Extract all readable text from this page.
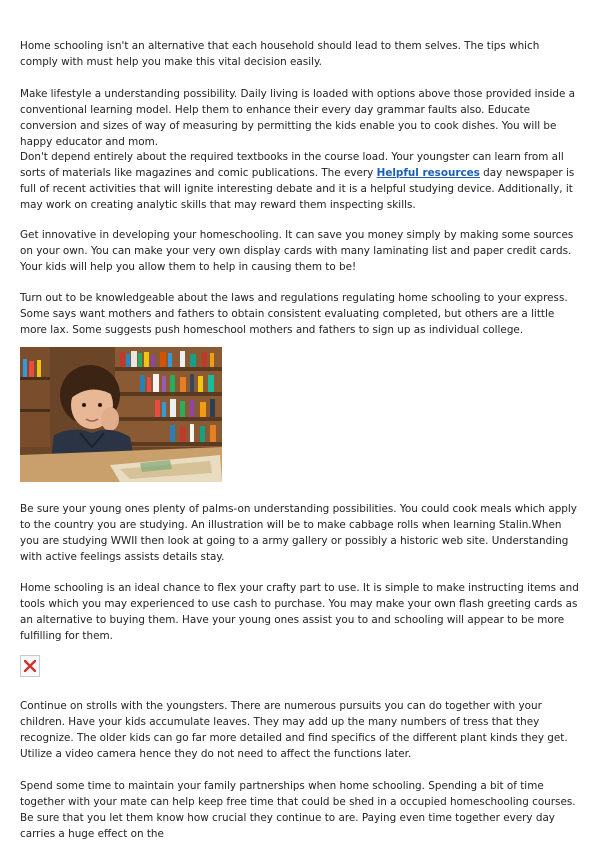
Home schooling isn't an alternative that each household should lead to them selves. The tips which comply with must help you make this vital decision easily.

Make lifestyle a understanding possibility. Daily living is loaded with options above those provided inside a conventional learning model. Help them to enhance their every day grammar faults also. Educate conversion and sizes of way of measuring by permitting the kids enable you to cook dishes. You will be happy educator and mom.

Don't depend entirely about the required textbooks in the course load. Your youngster can learn from all sorts of materials like magazines and comic publications. The every Helpful resources day newspaper is full of recent activities that will ignite interesting debate and it is a helpful studying device. Additionally, it may work on creating analytic skills that may reward them inspecting skills.

Get innovative in developing your homeschooling. It can save you money simply by making some sources on your own. You can make your very own display cards with many laminating list and paper credit cards. Your kids will help you allow them to help in causing them to be!

Turn out to be knowledgeable about the laws and regulations regulating home schooling to your express. Some says want mothers and fathers to obtain consistent evaluating completed, but others are a little more lax. Some suggests push homeschool mothers and fathers to sign up as individual college.

Be sure your young ones plenty of palms-on understanding possibilities. You could cook meals which apply to the country you are studying. An illustration will be to make cabbage rolls when learning Stalin.When you are studying WWII then look at going to a army gallery or possibly a historic web site. Understanding with active feelings assists details stay.

Home schooling is an ideal chance to flex your crafty part to use. It is simple to make instructing items and tools which you may experienced to use cash to purchase. You may make your own flash greeting cards as an alternative to buying them. Have your young ones assist you to and schooling will appear to be more fulfilling for them.

Continue on strolls with the youngsters. There are numerous pursuits you can do together with your children. Have your kids accumulate leaves. They may add up the many numbers of tress that they recognize. The older kids can go far more detailed and find specifics of the different plant kinds they get. Utilize a video camera hence they do not need to affect the functions later.

Spend some time to maintain your family partnerships when home schooling. Spending a bit of time together with your mate can help keep free time that could be shed in a occupied homeschooling courses. Be sure that you let them know how crucial they continue to are. Paying even time together every day carries a huge effect on the
